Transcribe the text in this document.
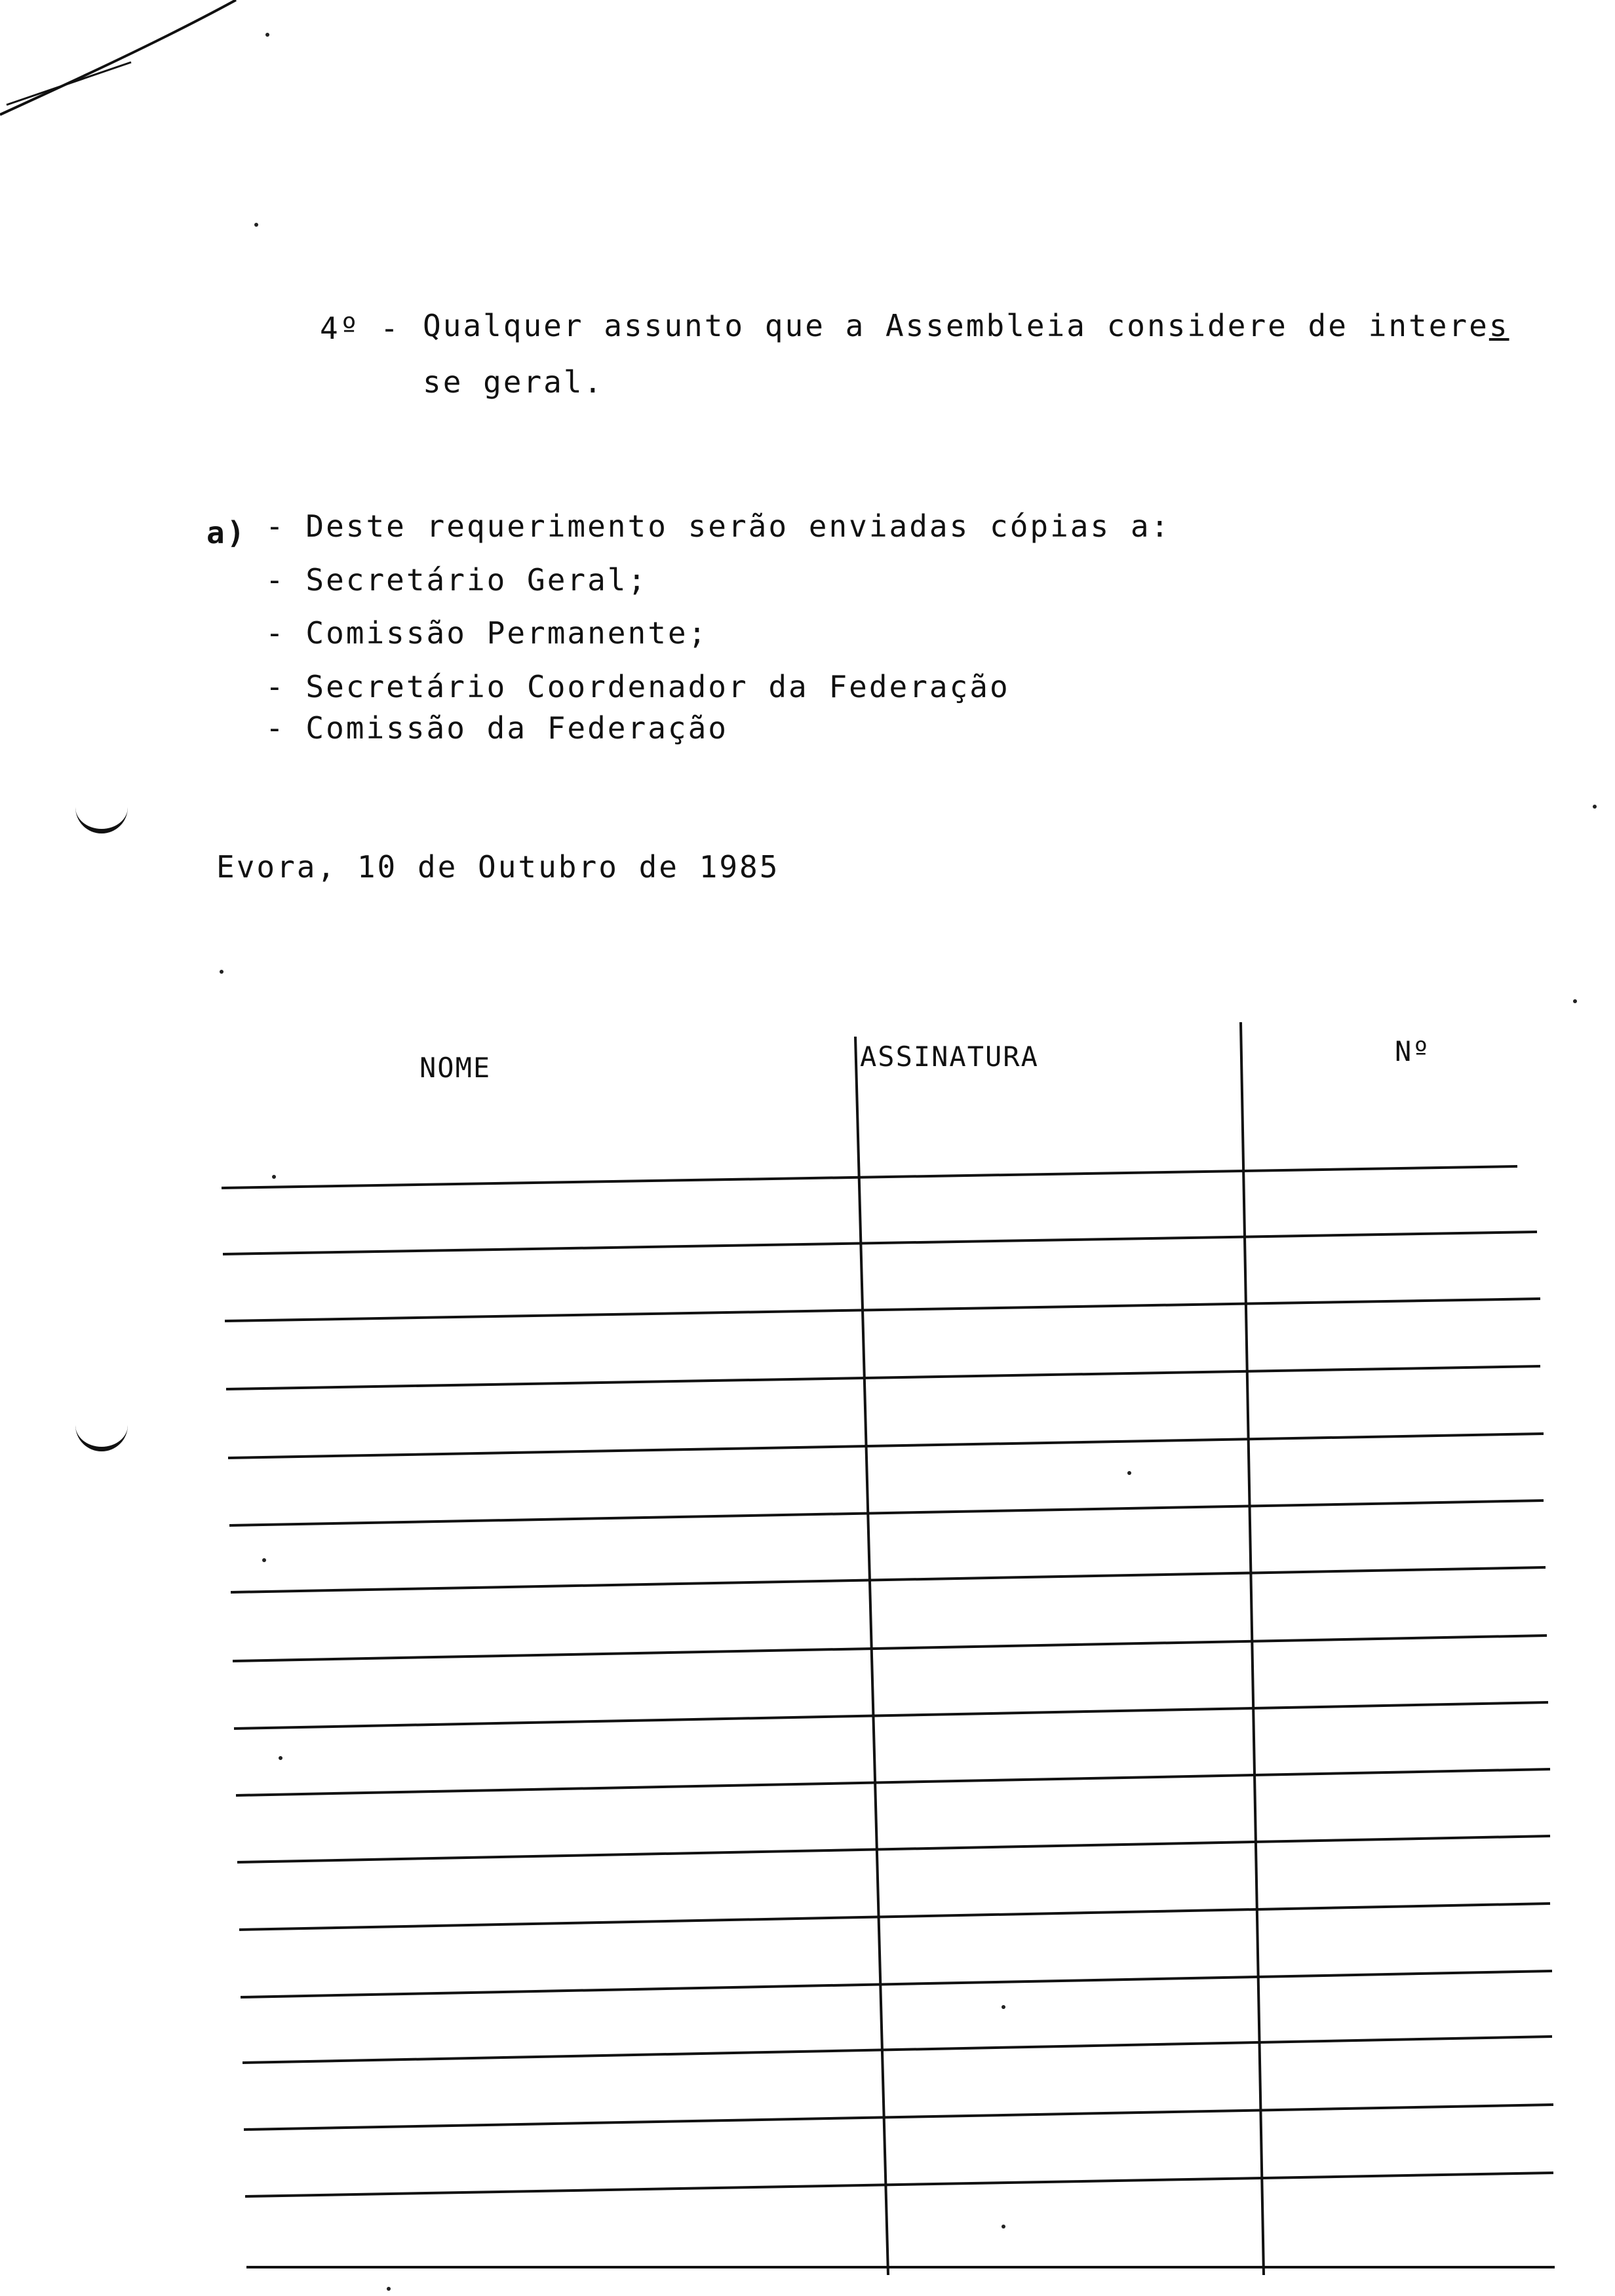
4º - Qualquer assunto que a Assembleia considere de interes
se geral.
a) - Deste requerimento serão enviadas cópias a:
- Secretário Geral;
- Comissão Permanente;
- Secretário Coordenador da Federação
- Comissão da Federação
Evora, 10 de Outubro de 1985
NOME	ASSINATURA	Nº
